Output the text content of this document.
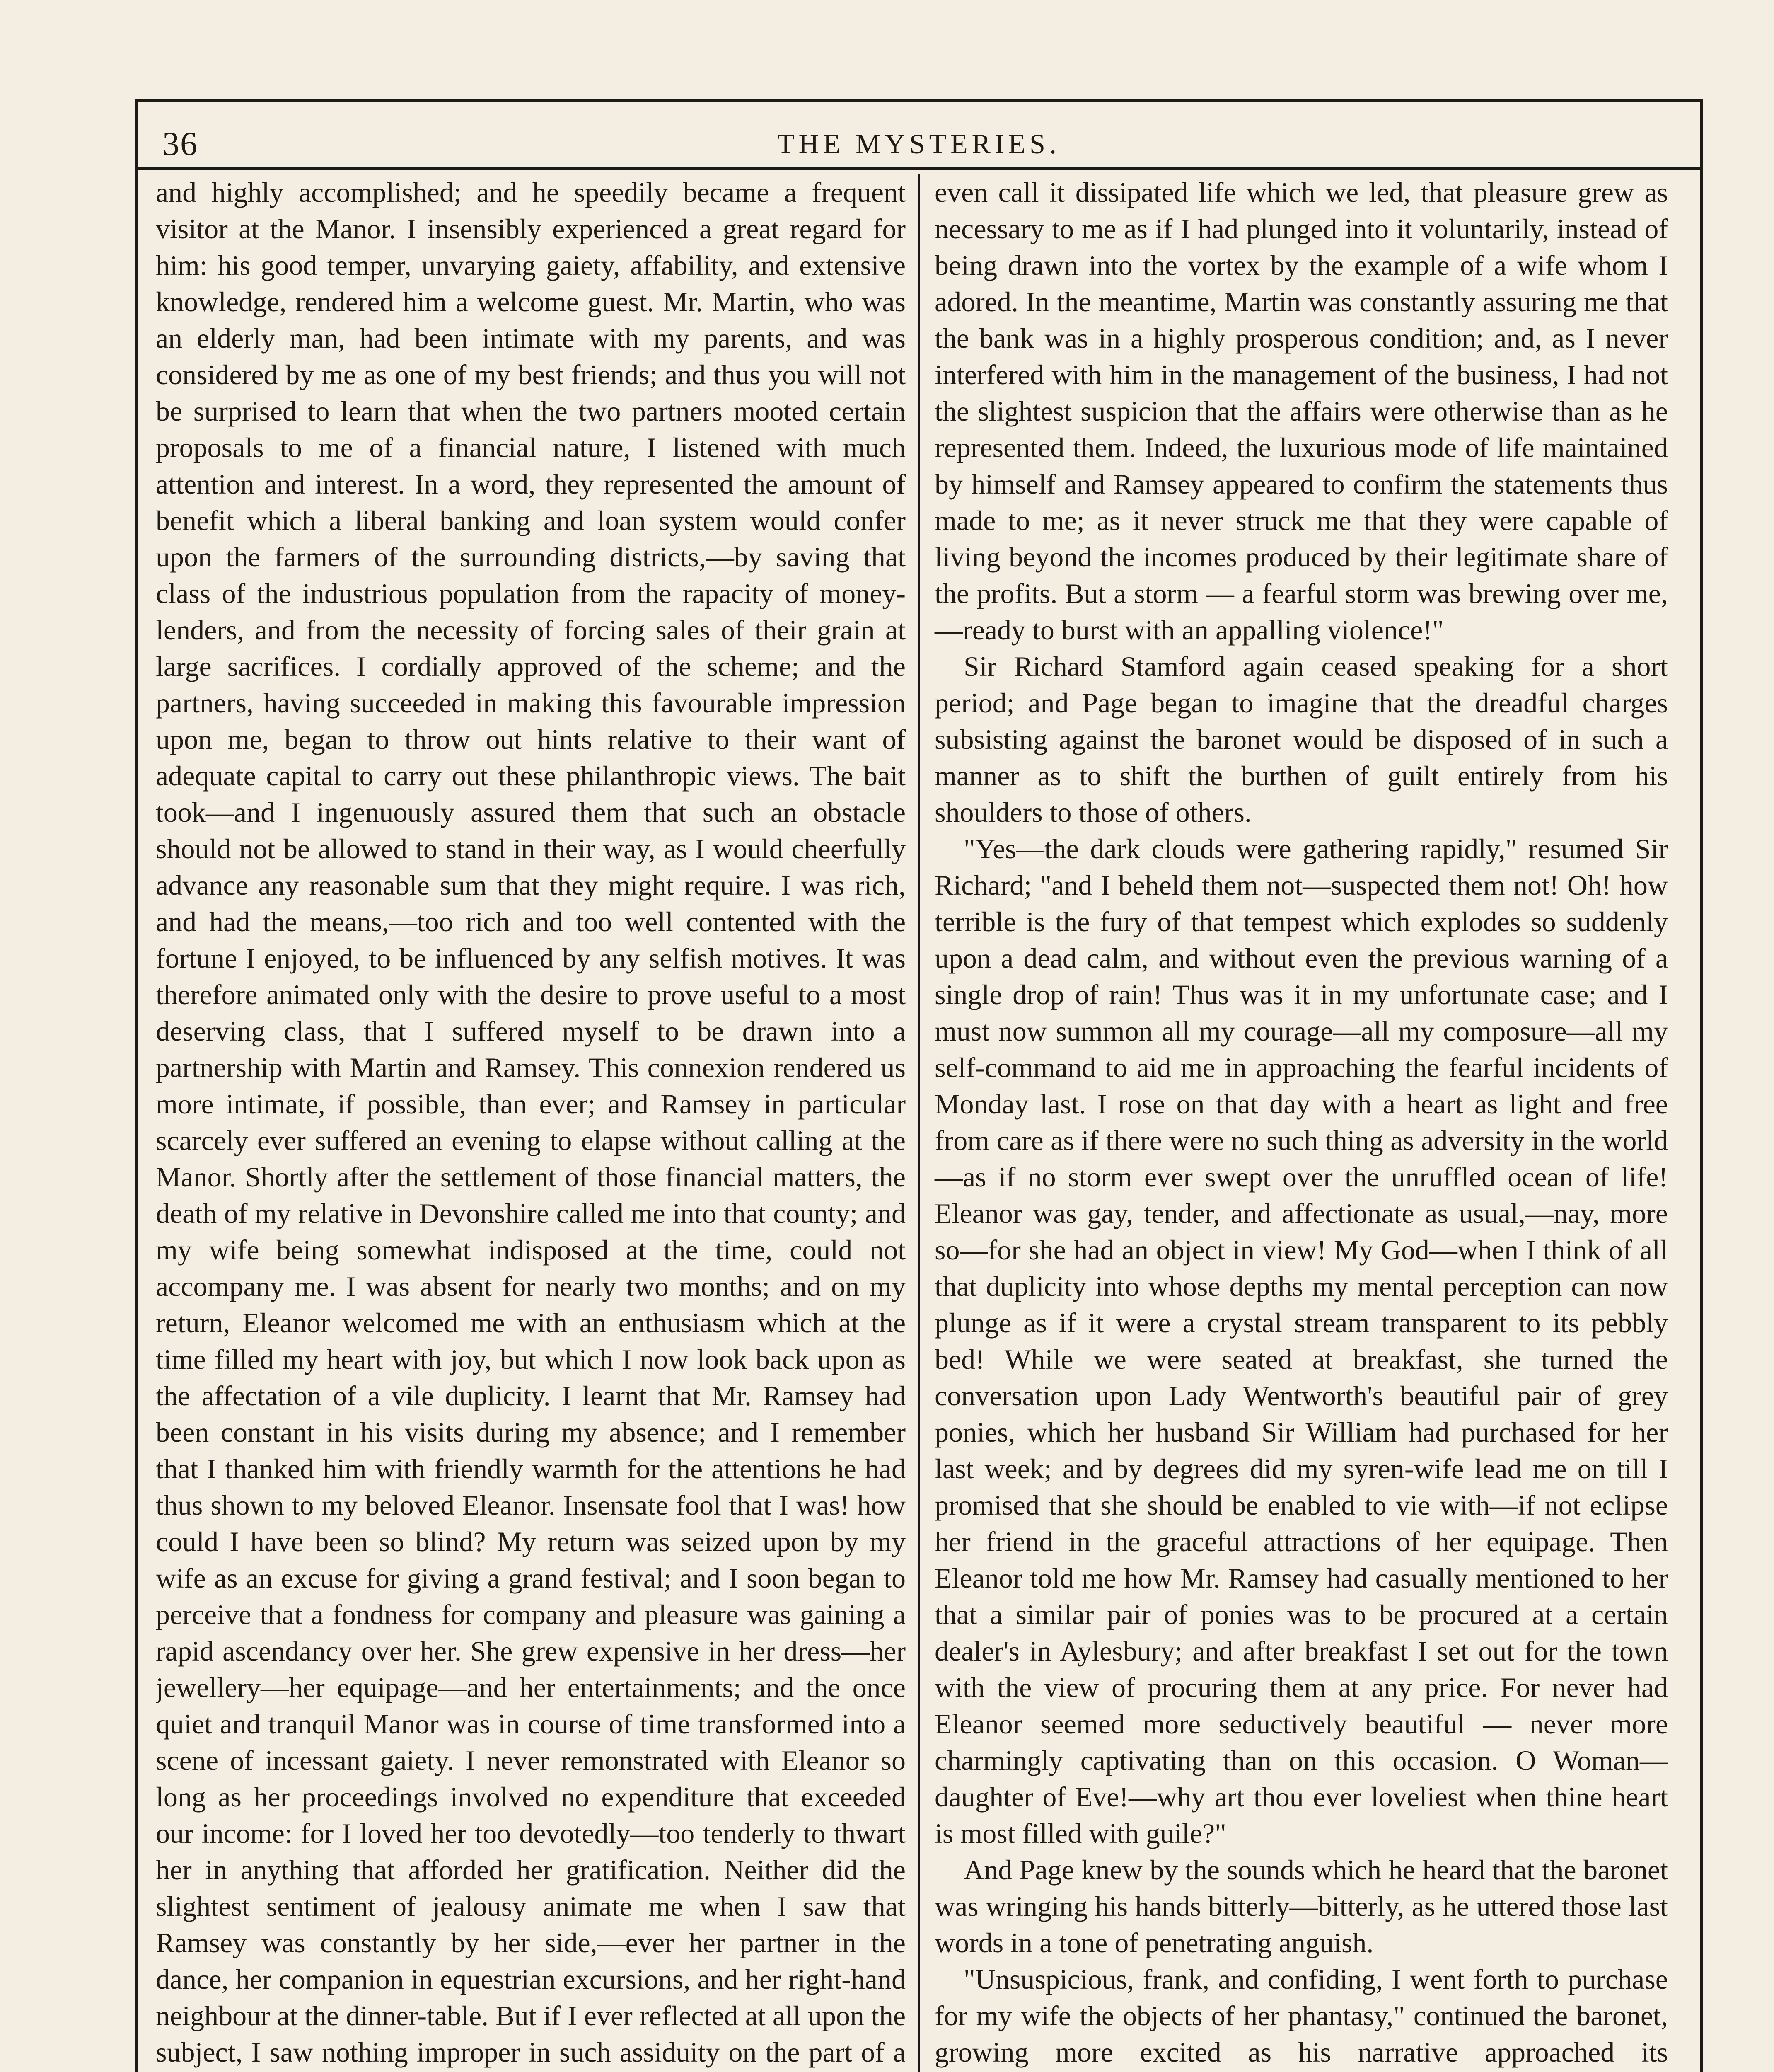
36	THE MYSTERIES.

and highly accomplished; and he speedily became a frequent visitor at the Manor. I insensibly experienced a great regard for him: his good temper, unvarying gaiety, affability, and extensive knowledge, rendered him a welcome guest. Mr. Martin, who was an elderly man, had been intimate with my parents, and was considered by me as one of my best friends; and thus you will not be surprised to learn that when the two partners mooted certain proposals to me of a financial nature, I listened with much attention and interest. In a word, they represented the amount of benefit which a liberal banking and loan system would confer upon the farmers of the surrounding districts,—by saving that class of the industrious population from the rapacity of money-lenders, and from the necessity of forcing sales of their grain at large sacrifices. I cordially approved of the scheme; and the partners, having succeeded in making this favourable impression upon me, began to throw out hints relative to their want of adequate capital to carry out these philanthropic views. The bait took—and I ingenuously assured them that such an obstacle should not be allowed to stand in their way, as I would cheerfully advance any reasonable sum that they might require. I was rich, and had the means,—too rich and too well contented with the fortune I enjoyed, to be influenced by any selfish motives. It was therefore animated only with the desire to prove useful to a most deserving class, that I suffered myself to be drawn into a partnership with Martin and Ramsey. This connexion rendered us more intimate, if possible, than ever; and Ramsey in particular scarcely ever suffered an evening to elapse without calling at the Manor. Shortly after the settlement of those financial matters, the death of my relative in Devonshire called me into that county; and my wife being somewhat indisposed at the time, could not accompany me. I was absent for nearly two months; and on my return, Eleanor welcomed me with an enthusiasm which at the time filled my heart with joy, but which I now look back upon as the affectation of a vile duplicity. I learnt that Mr. Ramsey had been constant in his visits during my absence; and I remember that I thanked him with friendly warmth for the attentions he had thus shown to my beloved Eleanor. Insensate fool that I was! how could I have been so blind? My return was seized upon by my wife as an excuse for giving a grand festival; and I soon began to perceive that a fondness for company and pleasure was gaining a rapid ascendancy over her. She grew expensive in her dress—her jewellery—her equipage—and her entertainments; and the once quiet and tranquil Manor was in course of time transformed into a scene of incessant gaiety. I never remonstrated with Eleanor so long as her proceedings involved no expenditure that exceeded our income: for I loved her too devotedly—too tenderly to thwart her in anything that afforded her gratification. Neither did the slightest sentiment of jealousy animate me when I saw that Ramsey was constantly by her side,—ever her partner in the dance, her companion in equestrian excursions, and her right-hand neighbour at the dinner-table. But if I ever reflected at all upon the subject, I saw nothing improper in such assiduity on the part of a

even call it dissipated life which we led, that pleasure grew as necessary to me as if I had plunged into it voluntarily, instead of being drawn into the vortex by the example of a wife whom I adored. In the meantime, Martin was constantly assuring me that the bank was in a highly prosperous condition; and, as I never interfered with him in the management of the business, I had not the slightest suspicion that the affairs were otherwise than as he represented them. Indeed, the luxurious mode of life maintained by himself and Ramsey appeared to confirm the statements thus made to me; as it never struck me that they were capable of living beyond the incomes produced by their legitimate share of the profits. But a storm — a fearful storm was brewing over me,—ready to burst with an appalling violence!"

Sir Richard Stamford again ceased speaking for a short period; and Page began to imagine that the dreadful charges subsisting against the baronet would be disposed of in such a manner as to shift the burthen of guilt entirely from his shoulders to those of others.

"Yes—the dark clouds were gathering rapidly," resumed Sir Richard; "and I beheld them not—suspected them not! Oh! how terrible is the fury of that tempest which explodes so suddenly upon a dead calm, and without even the previous warning of a single drop of rain! Thus was it in my unfortunate case; and I must now summon all my courage—all my composure—all my self-command to aid me in approaching the fearful incidents of Monday last. I rose on that day with a heart as light and free from care as if there were no such thing as adversity in the world—as if no storm ever swept over the unruffled ocean of life! Eleanor was gay, tender, and affectionate as usual,—nay, more so—for she had an object in view! My God—when I think of all that duplicity into whose depths my mental perception can now plunge as if it were a crystal stream transparent to its pebbly bed! While we were seated at breakfast, she turned the conversation upon Lady Wentworth's beautiful pair of grey ponies, which her husband Sir William had purchased for her last week; and by degrees did my syren-wife lead me on till I promised that she should be enabled to vie with—if not eclipse her friend in the graceful attractions of her equipage. Then Eleanor told me how Mr. Ramsey had casually mentioned to her that a similar pair of ponies was to be procured at a certain dealer's in Aylesbury; and after breakfast I set out for the town with the view of procuring them at any price. For never had Eleanor seemed more seductively beautiful — never more charmingly captivating than on this occasion. O Woman—daughter of Eve!—why art thou ever loveliest when thine heart is most filled with guile?"

And Page knew by the sounds which he heard that the baronet was wringing his hands bitterly—bitterly, as he uttered those last words in a tone of penetrating anguish.

"Unsuspicious, frank, and confiding, I went forth to purchase for my wife the objects of her phantasy," continued the baronet, growing more excited as his narrative approached its
